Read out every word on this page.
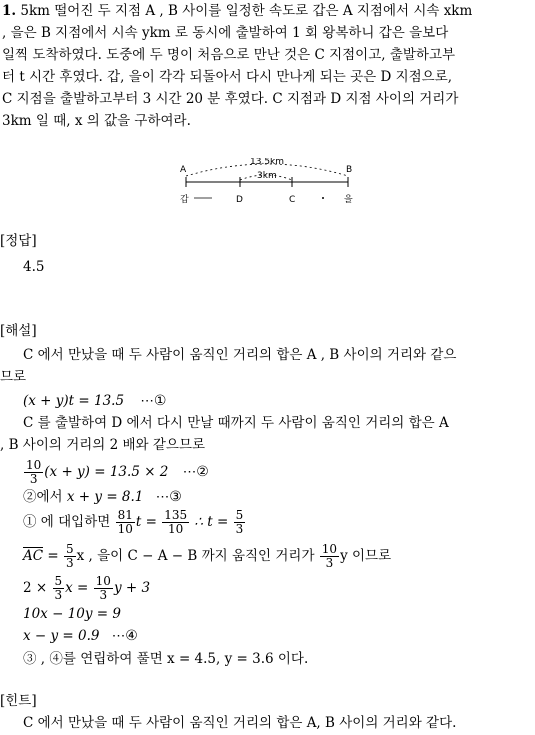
1. 5km 떨어진 두 지점 A , B 사이를 일정한 속도로 갑은 A 지점에서 시속 xkm
, 을은 B 지점에서 시속 ykm 로 동시에 출발하여 1 회 왕복하니 갑은 을보다
일찍 도착하였다. 도중에 두 명이 처음으로 만난 것은 C 지점이고, 출발하고부
터 t 시간 후였다. 갑, 을이 각각 되돌아서 다시 만나게 되는 곳은 D 지점으로,
C 지점을 출발하고부터 3 시간 20 분 후였다. C 지점과 D 지점 사이의 거리가
3km 일 때, x 의 값을 구하여라.
A	B
13.5km
3km
갑	D	C	을
[정답]
4.5
[해설]
C 에서 만났을 때 두 사람이 움직인 거리의 합은 A , B 사이의 거리와 같으
므로
(x + y)t = 13.5 ⋯①
C 를 출발하여 D 에서 다시 만날 때까지 두 사람이 움직인 거리의 합은 A
, B 사이의 거리의 2 배와 같으므로
$\frac{10}{3} (x + y) = 13.5 \times 2$ ⋯②
②에서 x + y = 8.1 ⋯③
① 에 대입하면 $\frac{81}{10}$ $t = \frac{135}{10}$ ∴ $t = \frac{5}{3}$
AC = $\frac{5}{3}$ x , 을이 C − A − B 까지 움직인 거리가 $\frac{10}{3}$ y 이므로
$2 \times \frac{5}{3}$ $x = \frac{10}{3}$ y + 3
10x − 10y = 9
x − y = 0.9 ⋯④
③ , ④를 연립하여 풀면 x = 4.5, y = 3.6 이다.
[힌트]
C 에서 만났을 때 두 사람이 움직인 거리의 합은 A, B 사이의 거리와 같다.
